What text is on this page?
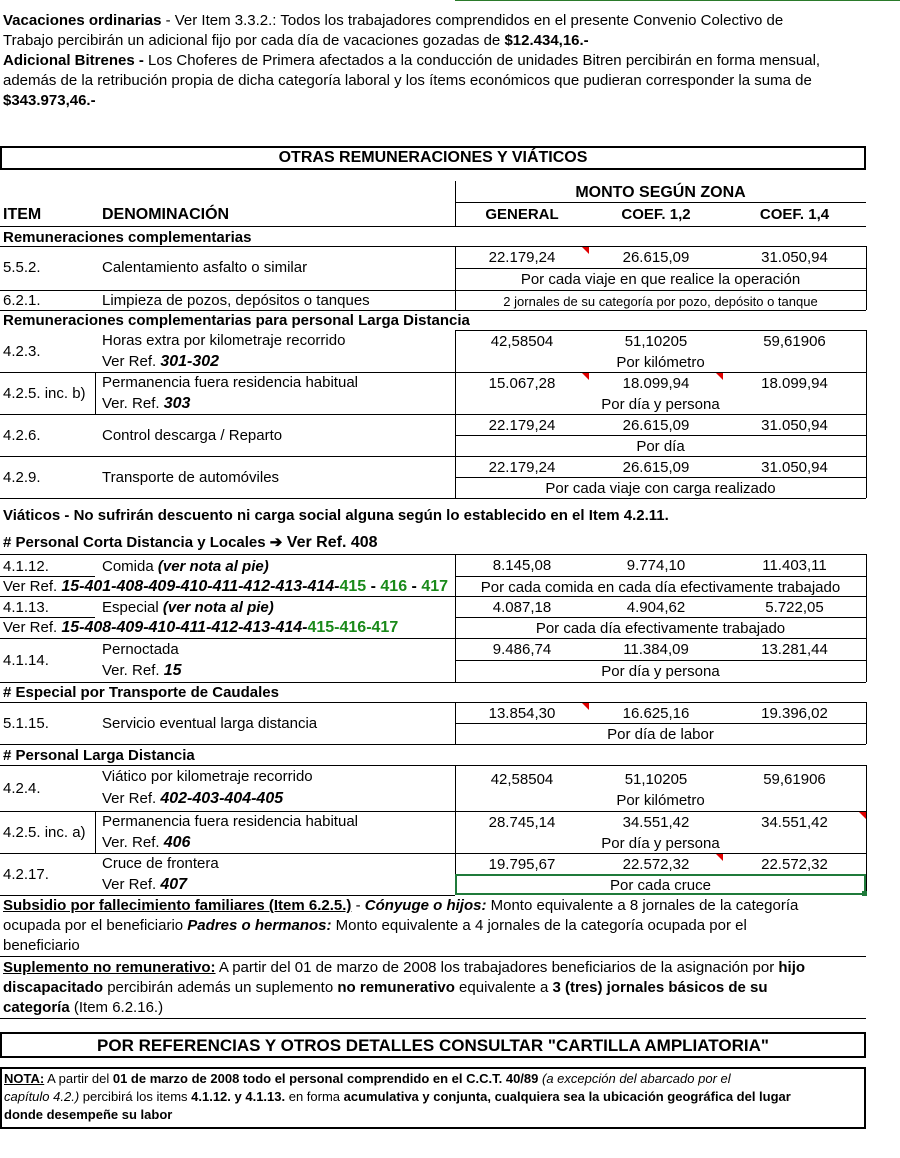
Vacaciones ordinarias - Ver Item 3.3.2.: Todos los trabajadores comprendidos en el presente Convenio Colectivo de
Trabajo percibirán un adicional fijo por cada día de vacaciones gozadas de $12.434,16.-
Adicional Bitrenes - Los Choferes de Primera afectados a la conducción de unidades Bitren percibirán en forma mensual,
además de la retribución propia de dicha categoría laboral y los ítems económicos que pudieran corresponder la suma de
$343.973,46.-
OTRAS REMUNERACIONES Y VIÁTICOS
MONTO SEGÚN ZONA
ITEM	DENOMINACIÓN	GENERAL	COEF. 1,2	COEF. 1,4
Remuneraciones complementarias
5.5.2.	Calentamiento asfalto o similar
22.179,24	26.615,09	31.050,94
Por cada viaje en que realice la operación
6.2.1.	Limpieza de pozos, depósitos o tanques	2 jornales de su categoría por pozo, depósito o tanque
Remuneraciones complementarias para personal Larga Distancia
4.2.3.
Horas extra por kilometraje recorrido
Ver Ref. 301-302
42,58504	51,10205	59,61906
Por kilómetro
4.2.5. inc. b)
Permanencia fuera residencia habitual
Ver. Ref. 303
15.067,28	18.099,94	18.099,94
Por día y persona
4.2.6.	Control descarga / Reparto
22.179,24	26.615,09	31.050,94
Por día
4.2.9.	Transporte de automóviles
22.179,24	26.615,09	31.050,94
Por cada viaje con carga realizado
Viáticos - No sufrirán descuento ni carga social alguna según lo establecido en el Item 4.2.11.
# Personal Corta Distancia y Locales ➔ Ver Ref. 408
4.1.12.	Comida (ver nota al pie)
Ver Ref. 15-401-408-409-410-411-412-413-414-415 - 416 - 417
8.145,08	9.774,10	11.403,11
Por cada comida en cada día efectivamente trabajado
4.1.13.	Especial (ver nota al pie)
Ver Ref. 15-408-409-410-411-412-413-414-415-416-417
4.087,18	4.904,62	5.722,05
Por cada día efectivamente trabajado
4.1.14.
Pernoctada
Ver. Ref. 15
9.486,74	11.384,09	13.281,44
Por día y persona
# Especial por Transporte de Caudales
5.1.15.	Servicio eventual larga distancia
13.854,30	16.625,16	19.396,02
Por día de labor
# Personal Larga Distancia
4.2.4.
Viático por kilometraje recorrido
Ver Ref. 402-403-404-405
42,58504	51,10205	59,61906
Por kilómetro
4.2.5. inc. a)
Permanencia fuera residencia habitual
Ver. Ref. 406
28.745,14	34.551,42	34.551,42
Por día y persona
4.2.17.
Cruce de frontera
Ver Ref. 407
19.795,67	22.572,32	22.572,32
Por cada cruce
Subsidio por fallecimiento familiares (Item 6.2.5.) - Cónyuge o hijos: Monto equivalente a 8 jornales de la categoría
ocupada por el beneficiario Padres o hermanos: Monto equivalente a 4 jornales de la categoría ocupada por el
beneficiario
Suplemento no remunerativo: A partir del 01 de marzo de 2008 los trabajadores beneficiarios de la asignación por hijo
discapacitado percibirán además un suplemento no remunerativo equivalente a 3 (tres) jornales básicos de su
categoría (Item 6.2.16.)
POR REFERENCIAS Y OTROS DETALLES CONSULTAR "CARTILLA AMPLIATORIA"
NOTA: A partir del 01 de marzo de 2008 todo el personal comprendido en el C.C.T. 40/89 (a excepción del abarcado por el
capítulo 4.2.) percibirá los items 4.1.12. y 4.1.13. en forma acumulativa y conjunta, cualquiera sea la ubicación geográfica del lugar
donde desempeñe su labor
